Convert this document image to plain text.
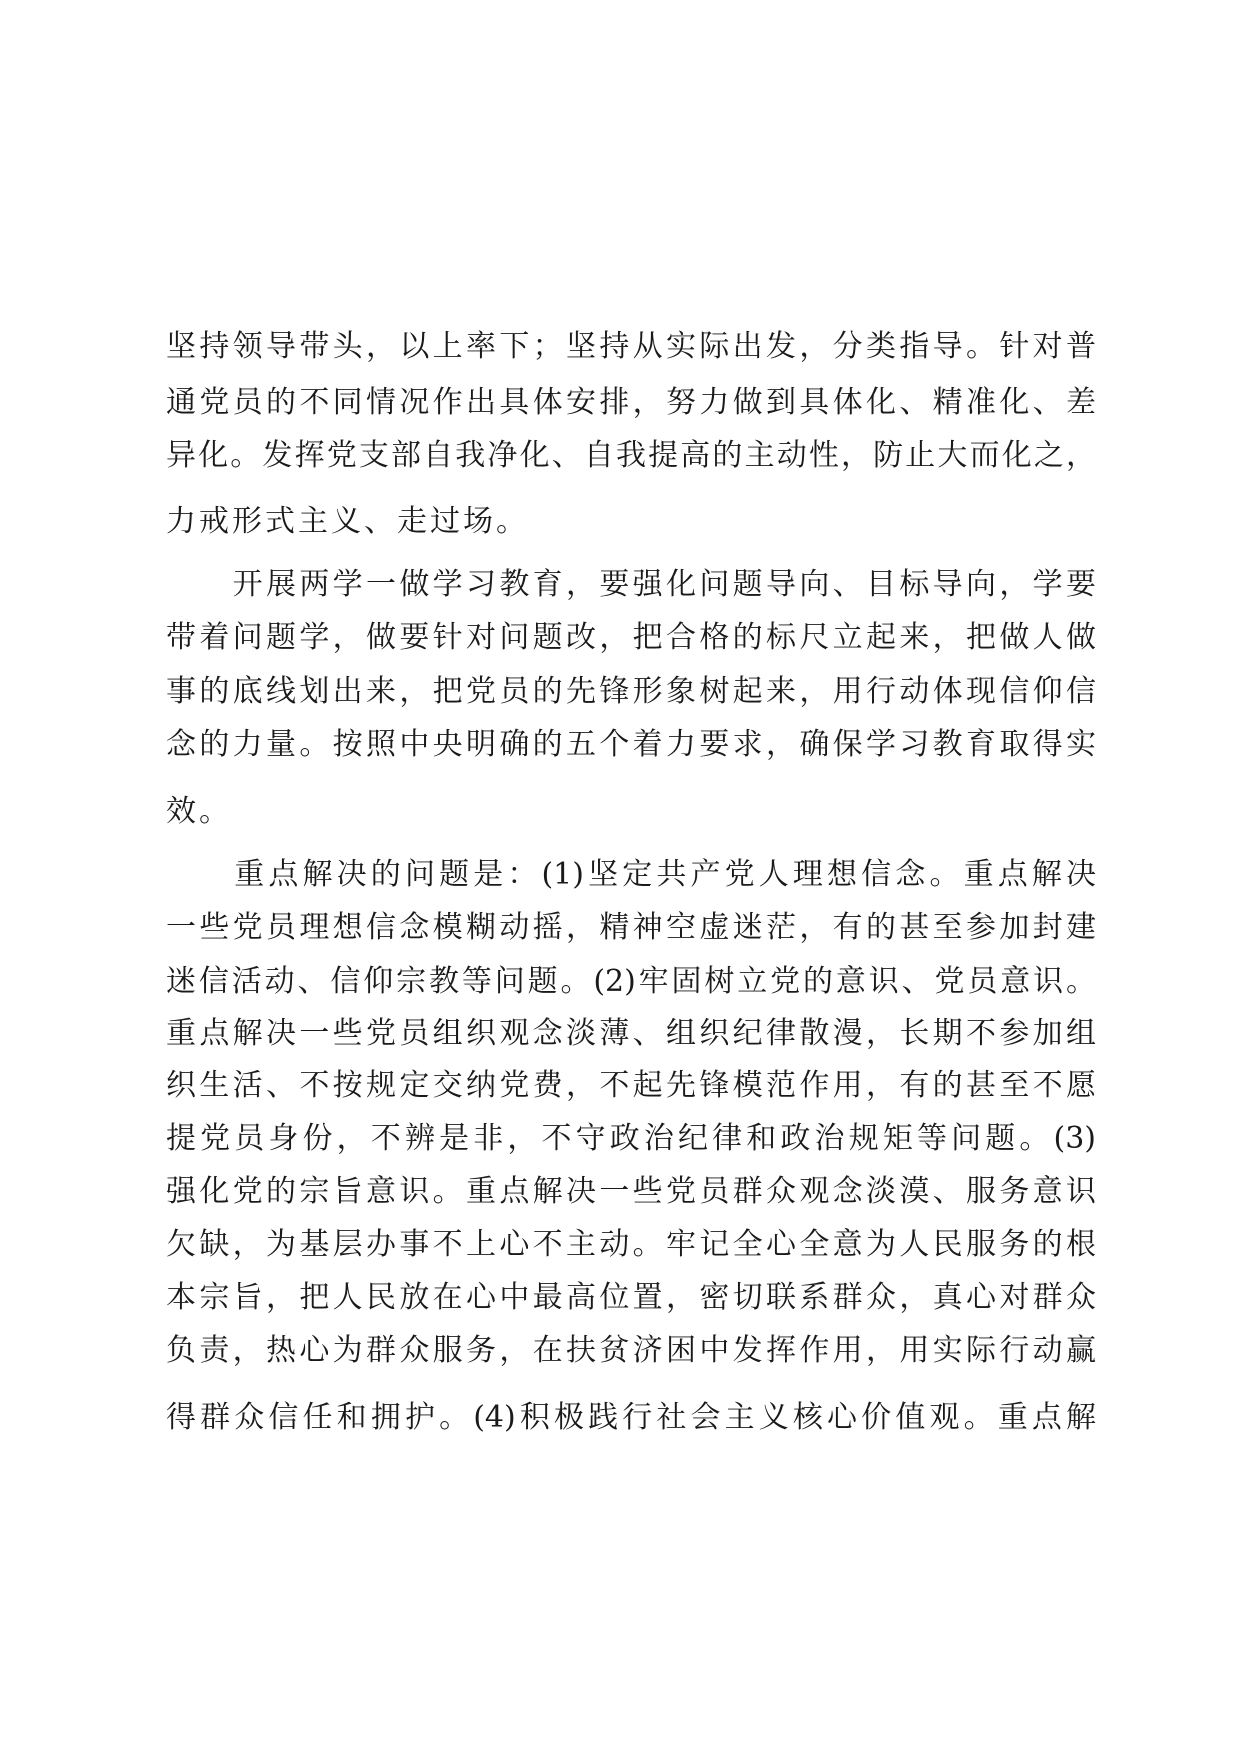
坚持领导带头，以上率下；坚持从实际出发，分类指导。针对普
通党员的不同情况作出具体安排，努力做到具体化、精准化、差
异化。发挥党支部自我净化、自我提高的主动性，防止大而化之，
力戒形式主义、走过场。
　　开展两学一做学习教育，要强化问题导向、目标导向，学要
带着问题学，做要针对问题改，把合格的标尺立起来，把做人做
事的底线划出来，把党员的先锋形象树起来，用行动体现信仰信
念的力量。按照中央明确的五个着力要求，确保学习教育取得实
效。
　　重点解决的问题是：(1)坚定共产党人理想信念。重点解决
一些党员理想信念模糊动摇，精神空虚迷茫，有的甚至参加封建
迷信活动、信仰宗教等问题。(2)牢固树立党的意识、党员意识。
重点解决一些党员组织观念淡薄、组织纪律散漫，长期不参加组
织生活、不按规定交纳党费，不起先锋模范作用，有的甚至不愿
提党员身份，不辨是非，不守政治纪律和政治规矩等问题。(3)
强化党的宗旨意识。重点解决一些党员群众观念淡漠、服务意识
欠缺，为基层办事不上心不主动。牢记全心全意为人民服务的根
本宗旨，把人民放在心中最高位置，密切联系群众，真心对群众
负责，热心为群众服务，在扶贫济困中发挥作用，用实际行动赢
得群众信任和拥护。(4)积极践行社会主义核心价值观。重点解
